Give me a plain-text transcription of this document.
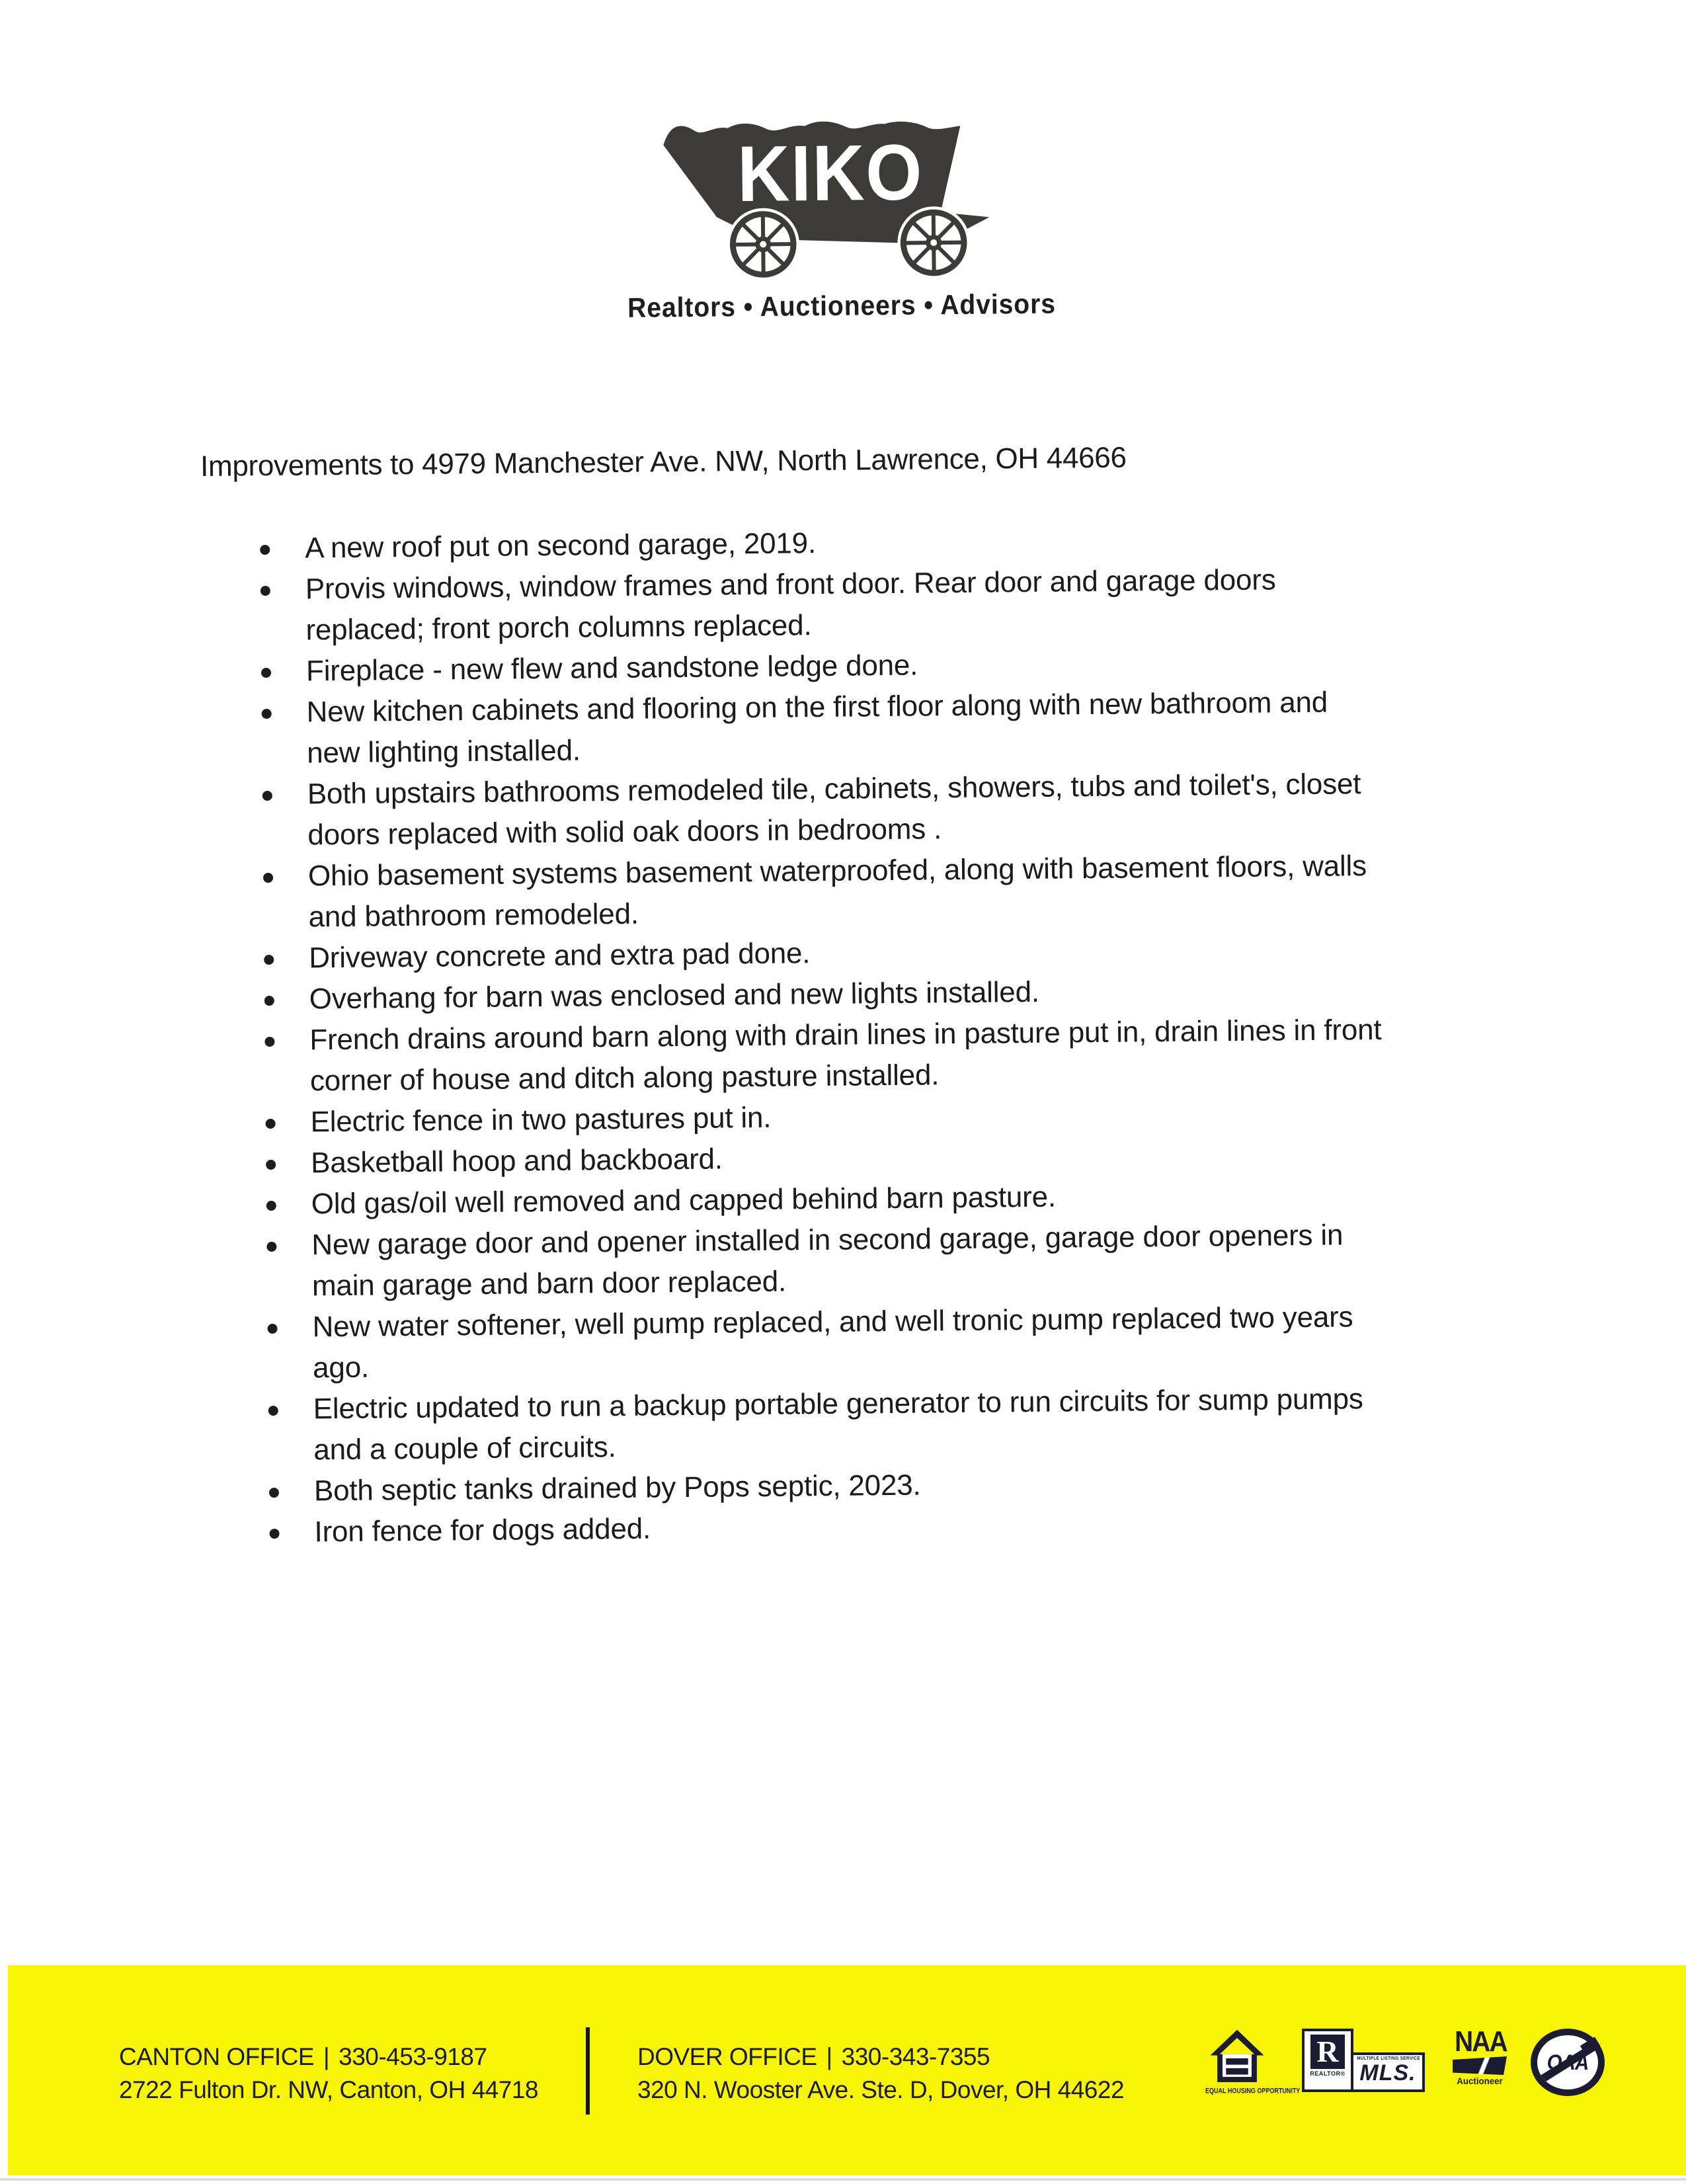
KIKO
Realtors • Auctioneers • Advisors
Improvements to 4979 Manchester Ave. NW, North Lawrence, OH 44666
A new roof put on second garage, 2019.
Provis windows, window frames and front door. Rear door and garage doors
replaced; front porch columns replaced.
Fireplace - new flew and sandstone ledge done.
New kitchen cabinets and flooring on the first floor along with new bathroom and
new lighting installed.
Both upstairs bathrooms remodeled tile, cabinets, showers, tubs and toilet's, closet
doors replaced with solid oak doors in bedrooms .
Ohio basement systems basement waterproofed, along with basement floors, walls
and bathroom remodeled.
Driveway concrete and extra pad done.
Overhang for barn was enclosed and new lights installed.
French drains around barn along with drain lines in pasture put in, drain lines in front
corner of house and ditch along pasture installed.
Electric fence in two pastures put in.
Basketball hoop and backboard.
Old gas/oil well removed and capped behind barn pasture.
New garage door and opener installed in second garage, garage door openers in
main garage and barn door replaced.
New water softener, well pump replaced, and well tronic pump replaced two years
ago.
Electric updated to run a backup portable generator to run circuits for sump pumps
and a couple of circuits.
Both septic tanks drained by Pops septic, 2023.
Iron fence for dogs added.
CANTON OFFICE | 330-453-9187
2722 Fulton Dr. NW, Canton, OH 44718
DOVER OFFICE | 330-343-7355
320 N. Wooster Ave. Ste. D, Dover, OH 44622	EQUAL HOUSING OPPORTUNITY
R
REALTOR®
MULTIPLE LISTING SERVICE
MLS.
NAA
Auctioneer
OAA
